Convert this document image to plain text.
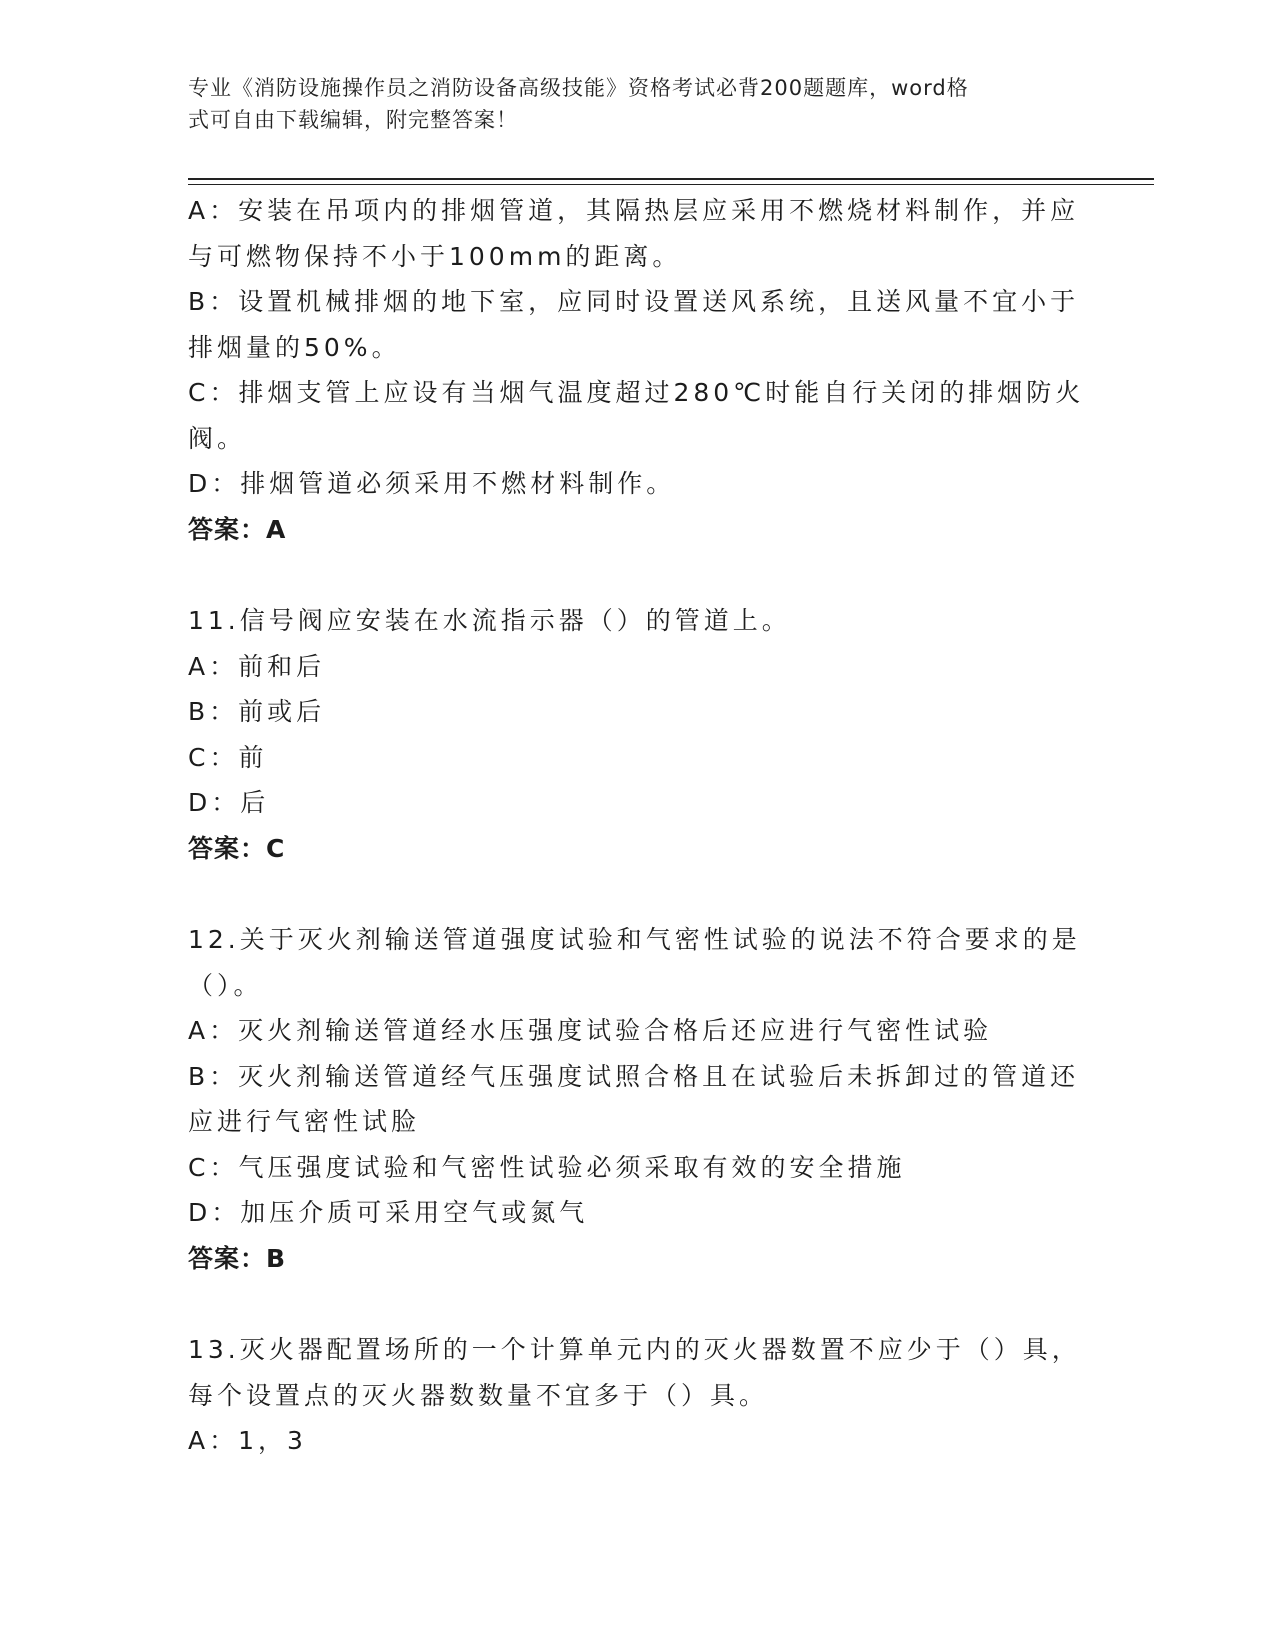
专业《消防设施操作员之消防设备高级技能》资格考试必背200题题库，word格
式可自由下载编辑，附完整答案！
A：安装在吊项内的排烟管道，其隔热层应采用不燃烧材料制作，并应
与可燃物保持不小于100mm的距离。
B：设置机械排烟的地下室，应同时设置送风系统，且送风量不宜小于
排烟量的50%。
C：排烟支管上应设有当烟气温度超过280℃时能自行关闭的排烟防火
阀。
D：排烟管道必须采用不燃材料制作。
答案：A
11.信号阀应安装在水流指示器（）的管道上。
A：前和后
B：前或后
C：前
D：后
答案：C
12.关于灭火剂输送管道强度试验和气密性试验的说法不符合要求的是
（）。
A：灭火剂输送管道经水压强度试验合格后还应进行气密性试验
B：灭火剂输送管道经气压强度试照合格且在试验后未拆卸过的管道还
应进行气密性试脸
C：气压强度试验和气密性试验必须采取有效的安全措施
D：加压介质可采用空气或氮气
答案：B
13.灭火器配置场所的一个计算单元内的灭火器数置不应少于（）具，
每个设置点的灭火器数数量不宜多于（）具。
A：1，3
